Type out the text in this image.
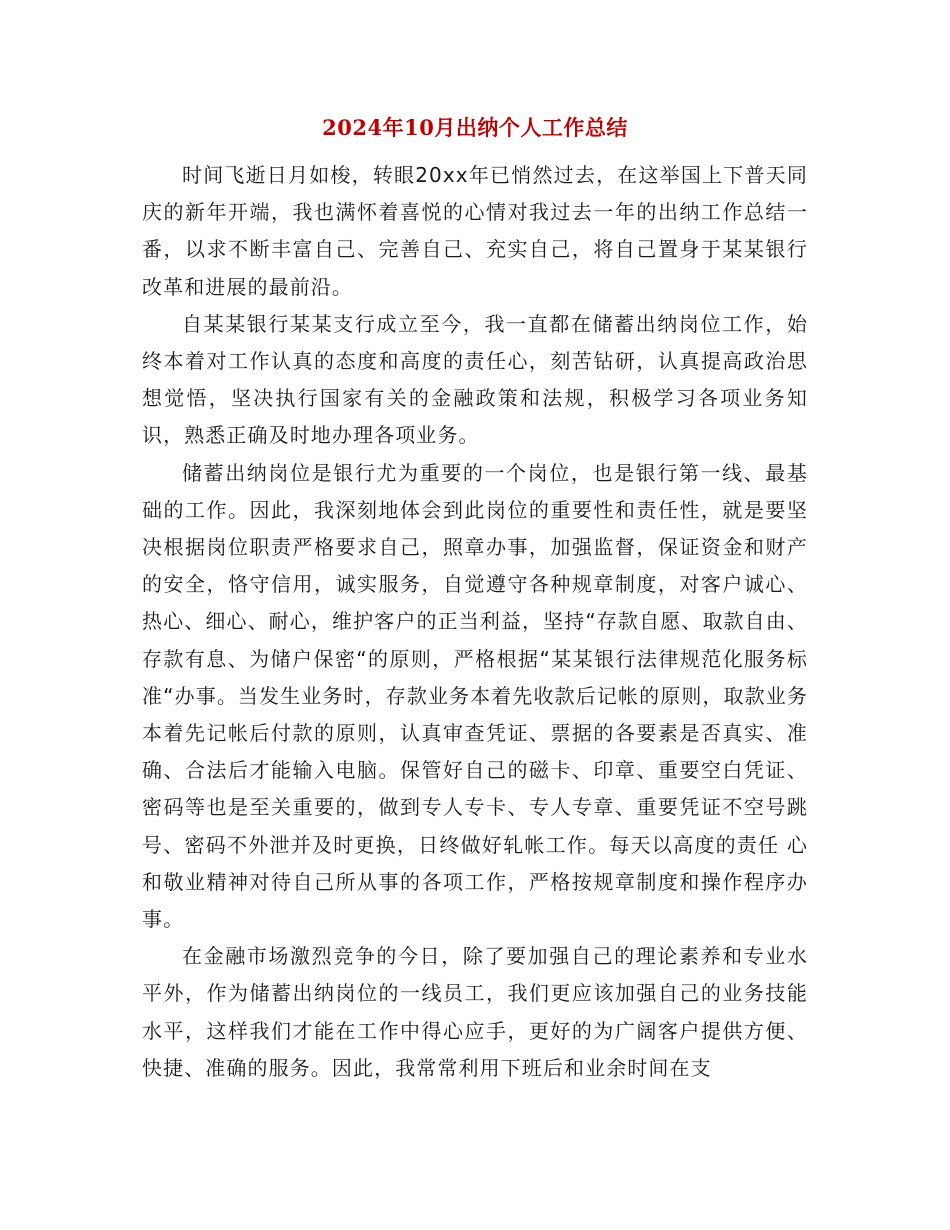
2024年10月出纳个人工作总结

时间飞逝日月如梭，转眼20xx年已悄然过去，在这举国上下普天同庆的新年开端，我也满怀着喜悦的心情对我过去一年的出纳工作总结一番，以求不断丰富自己、完善自己、充实自己，将自己置身于某某银行改革和进展的最前沿。

自某某银行某某支行成立至今，我一直都在储蓄出纳岗位工作，始终本着对工作认真的态度和高度的责任心，刻苦钻研，认真提高政治思想觉悟，坚决执行国家有关的金融政策和法规，积极学习各项业务知识，熟悉正确及时地办理各项业务。

储蓄出纳岗位是银行尤为重要的一个岗位，也是银行第一线、最基础的工作。因此，我深刻地体会到此岗位的重要性和责任性，就是要坚决根据岗位职责严格要求自己，照章办事，加强监督，保证资金和财产的安全，恪守信用，诚实服务，自觉遵守各种规章制度，对客户诚心、热心、细心、耐心，维护客户的正当利益，坚持“存款自愿、取款自由、存款有息、为储户保密“的原则，严格根据“某某银行法律规范化服务标准“办事。当发生业务时，存款业务本着先收款后记帐的原则，取款业务本着先记帐后付款的原则，认真审查凭证、票据的各要素是否真实、准确、合法后才能输入电脑。保管好自己的磁卡、印章、重要空白凭证、密码等也是至关重要的，做到专人专卡、专人专章、重要凭证不空号跳号、密码不外泄并及时更换，日终做好轧帐工作。每天以高度的责任 心和敬业精神对待自己所从事的各项工作，严格按规章制度和操作程序办事。

在金融市场激烈竞争的今日，除了要加强自己的理论素养和专业水平外，作为储蓄出纳岗位的一线员工，我们更应该加强自己的业务技能水平，这样我们才能在工作中得心应手，更好的为广阔客户提供方便、快捷、准确的服务。因此，我常常利用下班后和业余时间在支
